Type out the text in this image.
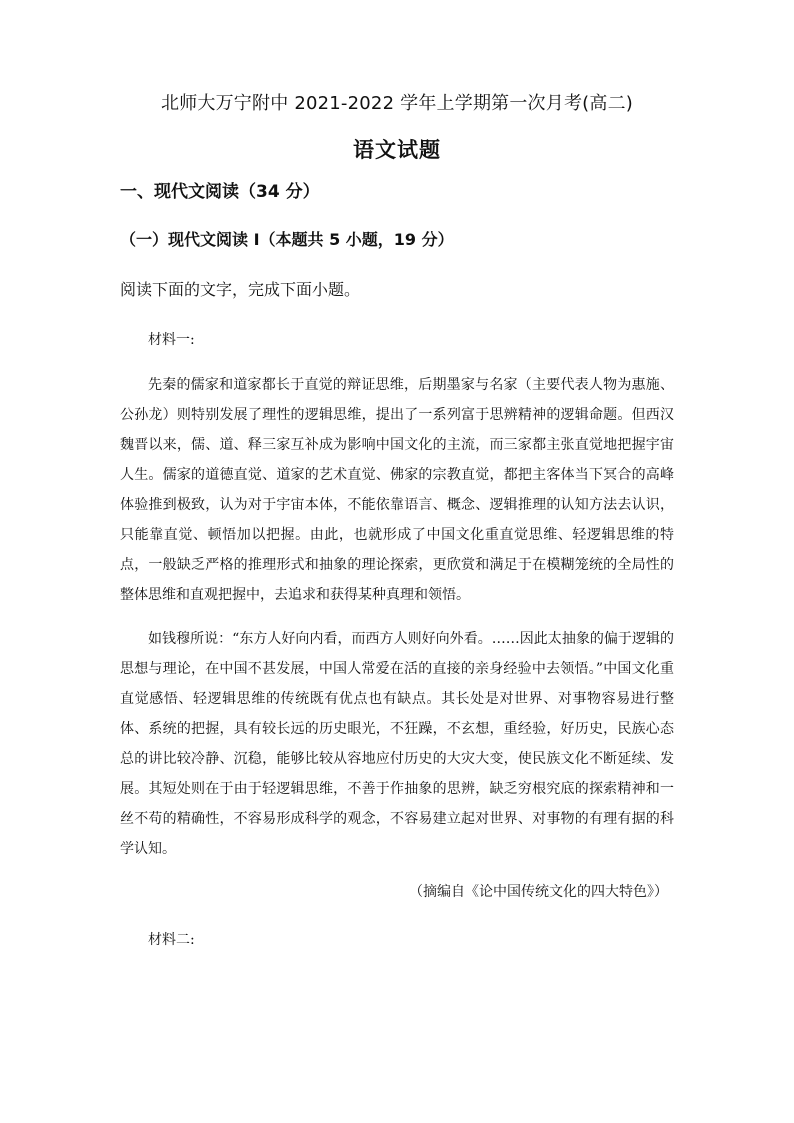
北师大万宁附中 2021-2022 学年上学期第一次月考(高二)

语文试题

一、现代文阅读（34 分）

（一）现代文阅读 I（本题共 5 小题，19 分）

阅读下面的文字，完成下面小题。

材料一:

先秦的儒家和道家都长于直觉的辩证思维，后期墨家与名家（主要代表人物为惠施、公孙龙）则特别发展了理性的逻辑思维，提出了一系列富于思辨精神的逻辑命题。但西汉魏晋以来，儒、道、释三家互补成为影响中国文化的主流，而三家都主张直觉地把握宇宙人生。儒家的道德直觉、道家的艺术直觉、佛家的宗教直觉，都把主客体当下冥合的高峰体验推到极致，认为对于宇宙本体，不能依靠语言、概念、逻辑推理的认知方法去认识，只能靠直觉、顿悟加以把握。由此，也就形成了中国文化重直觉思维、轻逻辑思维的特点，一般缺乏严格的推理形式和抽象的理论探索，更欣赏和满足于在模糊笼统的全局性的整体思维和直观把握中，去追求和获得某种真理和领悟。

如钱穆所说：“东方人好向内看，而西方人则好向外看。……因此太抽象的偏于逻辑的思想与理论，在中国不甚发展，中国人常爱在活的直接的亲身经验中去领悟。”中国文化重直觉感悟、轻逻辑思维的传统既有优点也有缺点。其长处是对世界、对事物容易进行整体、系统的把握，具有较长远的历史眼光，不狂躁，不玄想，重经验，好历史，民族心态总的讲比较冷静、沉稳，能够比较从容地应付历史的大灾大变，使民族文化不断延续、发展。其短处则在于由于轻逻辑思维，不善于作抽象的思辨，缺乏穷根究底的探索精神和一丝不苟的精确性，不容易形成科学的观念，不容易建立起对世界、对事物的有理有据的科学认知。

（摘编自《论中国传统文化的四大特色》）

材料二:
